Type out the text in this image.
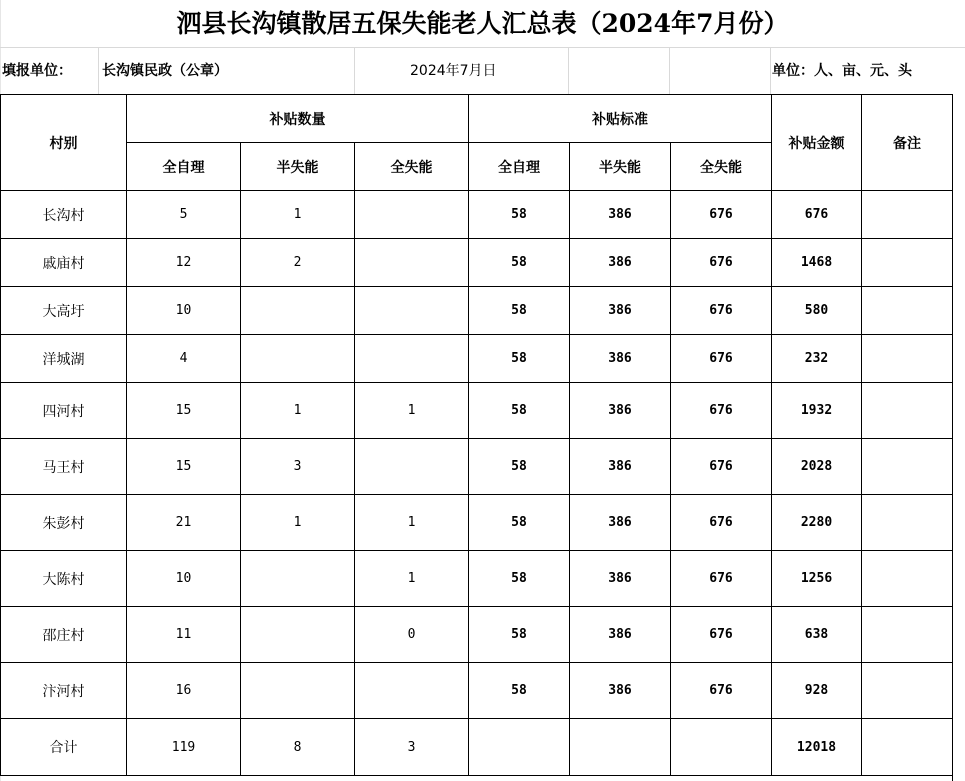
泗县长沟镇散居五保失能老人汇总表（2024年7月份）
填报单位： 长沟镇民政（公章）	2024年7月日	单位：人、亩、元、头
村别	补贴数量			补贴标准			补贴金额	备注
	全自理	半失能	全失能	全自理	半失能	全失能		
长沟村	5	1		58	386	676	676	
戚庙村	12	2		58	386	676	1468	
大高圩	10			58	386	676	580	
洋城湖	4			58	386	676	232	
四河村	15	1	1	58	386	676	1932	
马王村	15	3		58	386	676	2028	
朱彭村	21	1	1	58	386	676	2280	
大陈村	10		1	58	386	676	1256	
邵庄村	11		0	58	386	676	638	
汴河村	16			58	386	676	928	
合计	119	8	3				12018	
